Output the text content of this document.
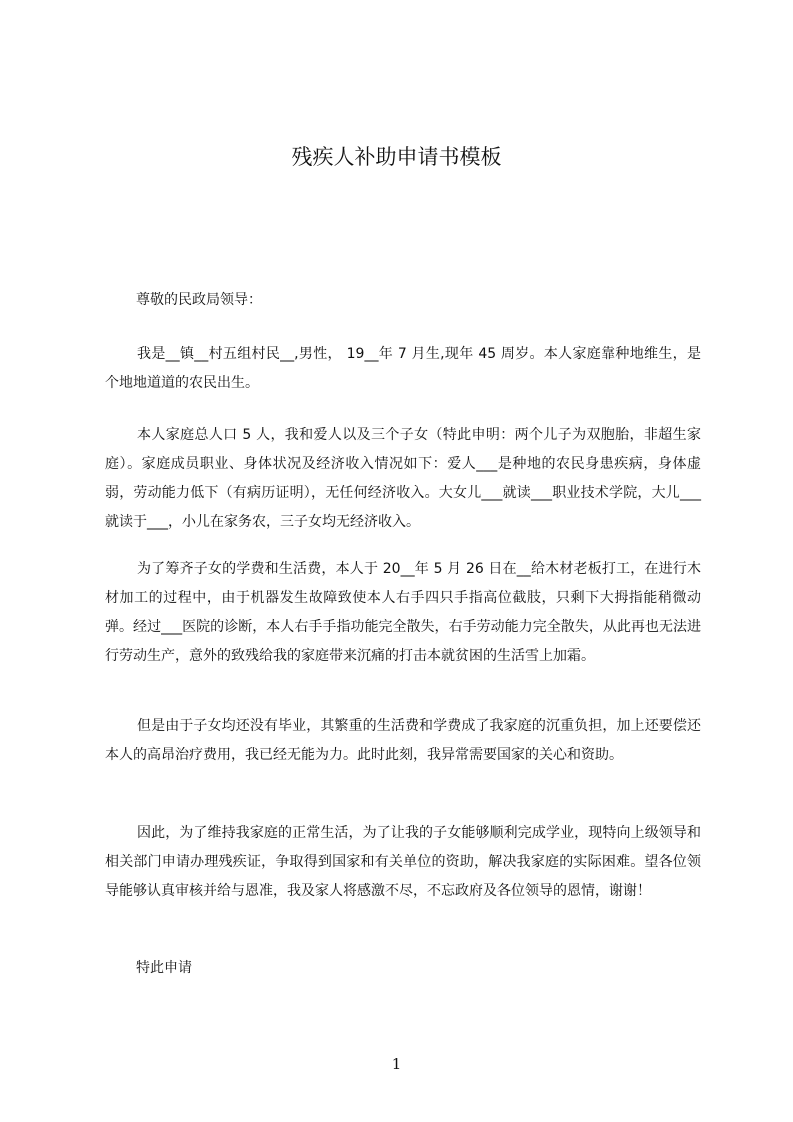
残疾人补助申请书模板
尊敬的民政局领导：
我是__镇__村五组村民__,男性， 19__年 7 月生,现年 45 周岁。本人家庭靠种地维生，是个地地道道的农民出生。
本人家庭总人口 5 人，我和爱人以及三个子女（特此申明：两个儿子为双胞胎，非超生家庭）。家庭成员职业、身体状况及经济收入情况如下：爱人___是种地的农民身患疾病，身体虚弱，劳动能力低下（有病历证明），无任何经济收入。大女儿___就读___职业技术学院，大儿___就读于___，小儿在家务农，三子女均无经济收入。
为了筹齐子女的学费和生活费，本人于 20__年 5 月 26 日在__给木材老板打工，在进行木材加工的过程中，由于机器发生故障致使本人右手四只手指高位截肢，只剩下大拇指能稍微动弹。经过___医院的诊断，本人右手手指功能完全散失，右手劳动能力完全散失，从此再也无法进行劳动生产，意外的致残给我的家庭带来沉痛的打击本就贫困的生活雪上加霜。
但是由于子女均还没有毕业，其繁重的生活费和学费成了我家庭的沉重负担，加上还要偿还本人的高昂治疗费用，我已经无能为力。此时此刻，我异常需要国家的关心和资助。
因此，为了维持我家庭的正常生活，为了让我的子女能够顺利完成学业，现特向上级领导和相关部门申请办理残疾证，争取得到国家和有关单位的资助，解决我家庭的实际困难。望各位领导能够认真审核并给与恩准，我及家人将感激不尽，不忘政府及各位领导的恩情，谢谢！
特此申请
1
